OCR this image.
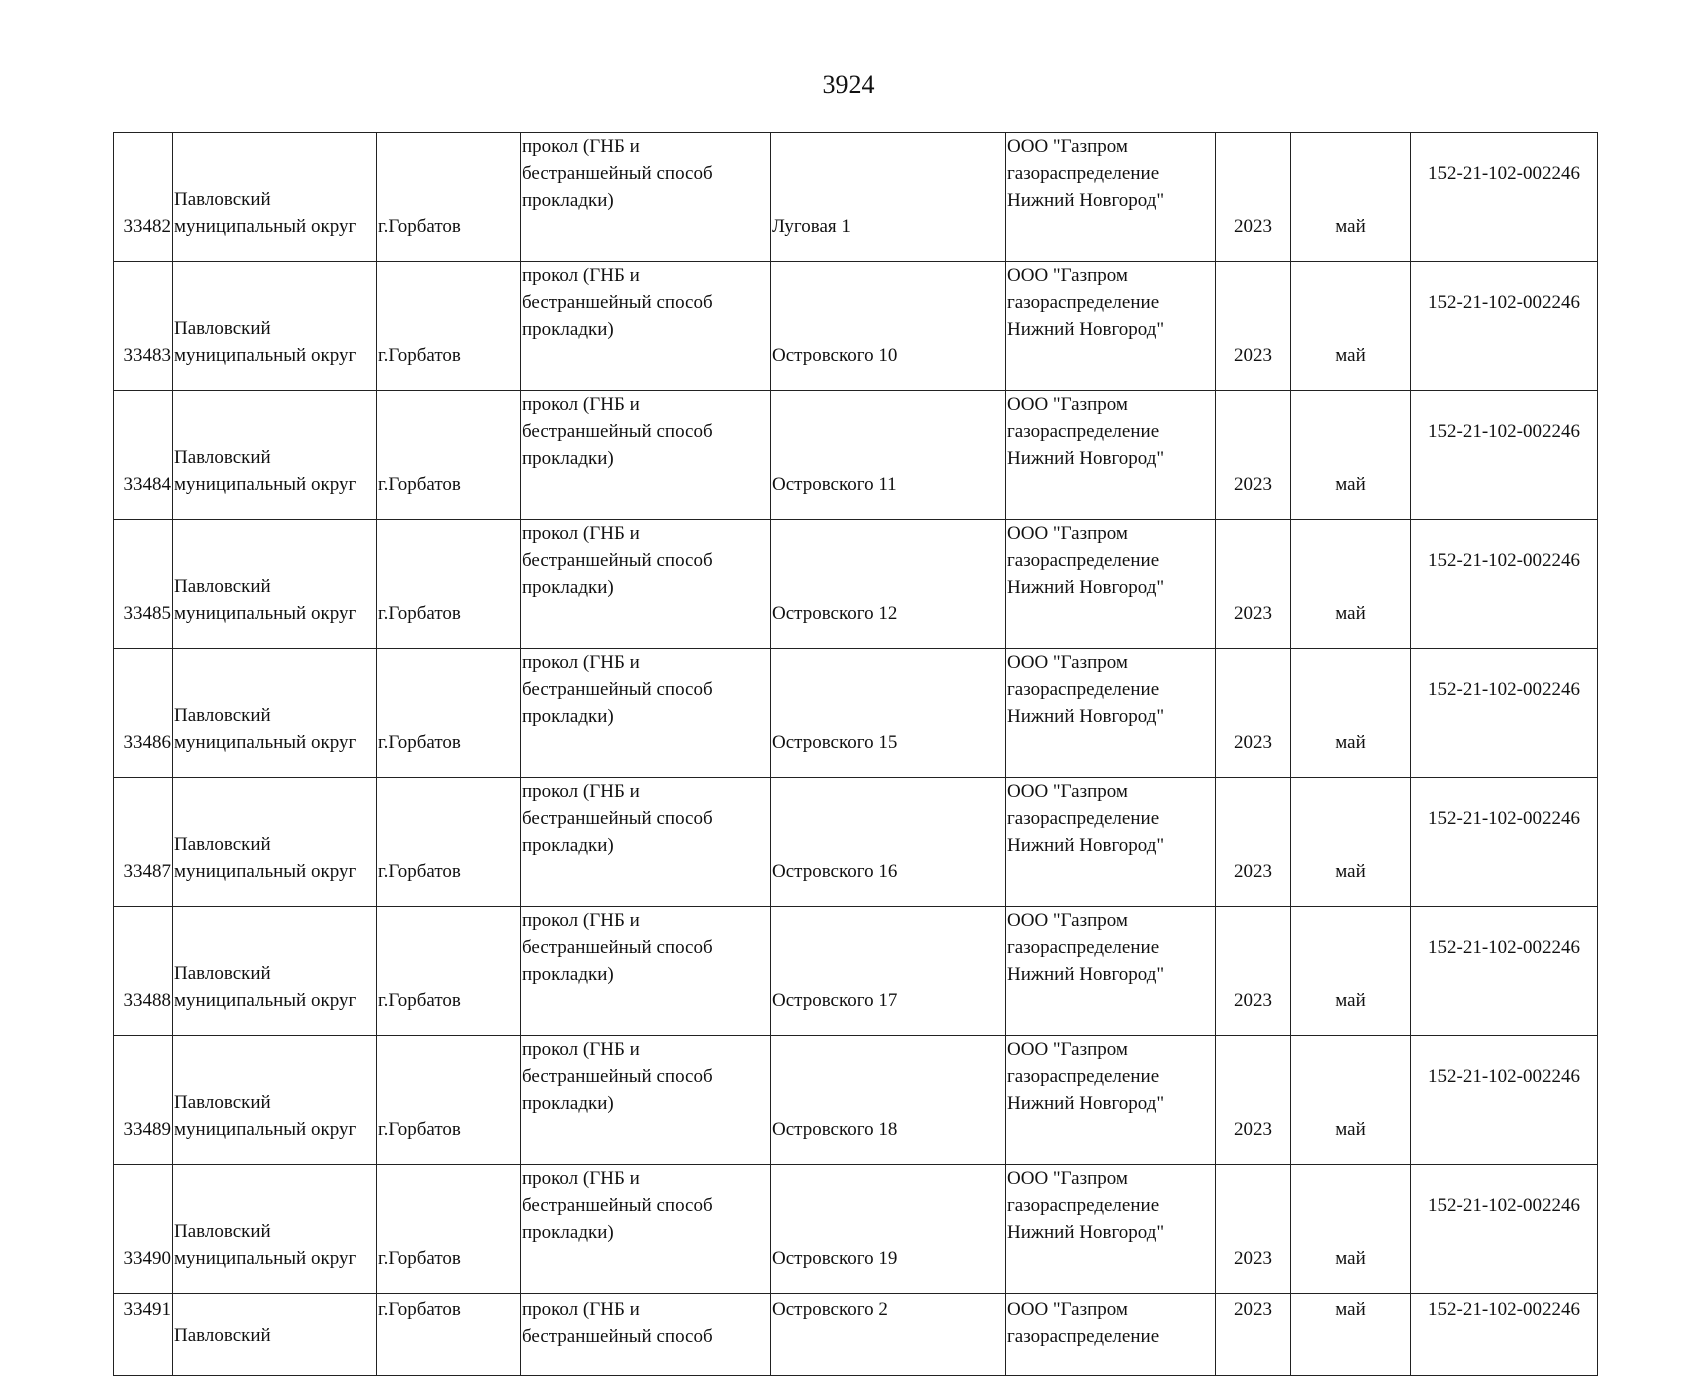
3924
33482	Павловский
муниципальный округ	г.Горбатов	прокол (ГНБ и
бестраншейный способ
прокладки)	Луговая 1	ООО "Газпром
газораспределение
Нижний Новгород"	2023	май	152-21-102-002246
33483	Павловский
муниципальный округ	г.Горбатов	прокол (ГНБ и
бестраншейный способ
прокладки)	Островского 10	ООО "Газпром
газораспределение
Нижний Новгород"	2023	май	152-21-102-002246
33484	Павловский
муниципальный округ	г.Горбатов	прокол (ГНБ и
бестраншейный способ
прокладки)	Островского 11	ООО "Газпром
газораспределение
Нижний Новгород"	2023	май	152-21-102-002246
33485	Павловский
муниципальный округ	г.Горбатов	прокол (ГНБ и
бестраншейный способ
прокладки)	Островского 12	ООО "Газпром
газораспределение
Нижний Новгород"	2023	май	152-21-102-002246
33486	Павловский
муниципальный округ	г.Горбатов	прокол (ГНБ и
бестраншейный способ
прокладки)	Островского 15	ООО "Газпром
газораспределение
Нижний Новгород"	2023	май	152-21-102-002246
33487	Павловский
муниципальный округ	г.Горбатов	прокол (ГНБ и
бестраншейный способ
прокладки)	Островского 16	ООО "Газпром
газораспределение
Нижний Новгород"	2023	май	152-21-102-002246
33488	Павловский
муниципальный округ	г.Горбатов	прокол (ГНБ и
бестраншейный способ
прокладки)	Островского 17	ООО "Газпром
газораспределение
Нижний Новгород"	2023	май	152-21-102-002246
33489	Павловский
муниципальный округ	г.Горбатов	прокол (ГНБ и
бестраншейный способ
прокладки)	Островского 18	ООО "Газпром
газораспределение
Нижний Новгород"	2023	май	152-21-102-002246
33490	Павловский
муниципальный округ	г.Горбатов	прокол (ГНБ и
бестраншейный способ
прокладки)	Островского 19	ООО "Газпром
газораспределение
Нижний Новгород"	2023	май	152-21-102-002246
33491	Павловский	г.Горбатов	прокол (ГНБ и
бестраншейный способ	Островского 2	ООО "Газпром
газораспределение	2023	май	152-21-102-002246
